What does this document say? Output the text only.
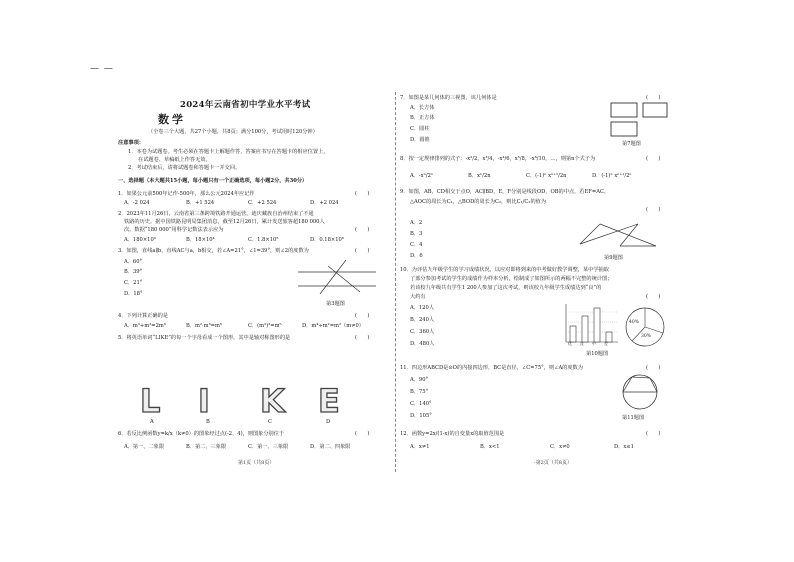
— —
2024年云南省初中学业水平考试
数学
（全卷三个大题，共27个小题，共8页；满分100分，考试用时120分钟）
注意事项：
1．本卷为试题卷。考生必须在答题卡上解题作答，答案应书写在答题卡的相应位置上，
在试题卷、草稿纸上作答无效。
2．考试结束后，请将试题卷和答题卡一并交回。
一、选择题（本大题共15小题，每小题只有一个正确选项，每小题2分，共30分）
1．如果公元前500年记作-500年，那么公元2024年应记作	(　　)
A．-2 024	B．+1 524	C．+2 524	D．+2 024
2．2023年11月26日，云南省第三条跨境铁路开通运营，迪庆藏族自治州结束了不通
铁路的历史。据中国铁路昆明局集团消息，截至12月26日，累计发送旅客超180 000人
次。数据“180 000”用科学记数法表示应为	(　　)
A．180×10³	B．18×10⁴	C．1.8×10⁵	D．0.18×10⁶
3．如图，直线a∥b，直线AC与a，b相交，若∠A=21°，∠1=39°，则∠2的度数为	(　　)
A．60°
B．39°
C．21°
D．18°
第3题图
4．下列计算正确的是	(　　)
A．m³+m³=2m⁶	B．m²·m³=m⁶	C．(m²)³=m⁵	D．m⁴÷m²=m²（m≠0）
5．将英语单词“LIKE”的每一个字母看成一个图形，其中是轴对称图形的是	(　　)
L I K E
A	B	C	D
6．若反比例函数y=k/x（k≠0）的图象经过点(-2，4)，则图象分别位于	(　　)
A．第一、二象限	B．第二、三象限	C．第一、三象限	D．第二、四象限
第1页（共8页）
7．如图是某几何体的三视图，该几何体是	(　　)
A．长方体
B．正方体
C．圆柱
D．圆锥
第7题图
8．按一定规律排列的式子：-x²/2，x³/4，-x⁴/6，x⁵/8，-x⁶/10，…，则第n个式子为	(　　)
A．-xⁿ/2ⁿ	B．xⁿ/2n	C．(-1)ⁿ xⁿ⁺¹/2n	D．(-1)ⁿ xⁿ⁺¹/2ⁿ
9．如图，AB，CD相交于点O，AC∥BD，E，F分别是线段OD，OB的中点，若EF=AC，
△AOC的周长为C₁，△BOD的周长为C₂，则比C₁/C₂的值为
(　　)
A．2
B．3
C．4
D．6	第9题图
10．为评估九年级学生的学习成绩状况，以应对即将到来的中考做好教学调整，某中学抽取
了部分参加考试的学生的成绩作为样本分析，绘制成了如图所示的两幅不完整的统计图；
若该校九年级共有学生1 200人参加了这次考试，则该校九年级学生成绩达到“良”的
大约有	(　　)
A．120人
B．240人
C．360人
D．480人	优 良 中 差
40%
30%
第10题图
11．四边形ABCD是⊙O的内接四边形，BC是直径，∠C=75°，则∠A的度数为	(　　)
A．90°
B．75°
C．140°
D．105°	第11题图
12．函数y=2x/(1-x)的自变量x的取值范围是	(　　)
A．x≠1	B．x<1	C．x≠0	D．x≤1
·第2页（共8页）
